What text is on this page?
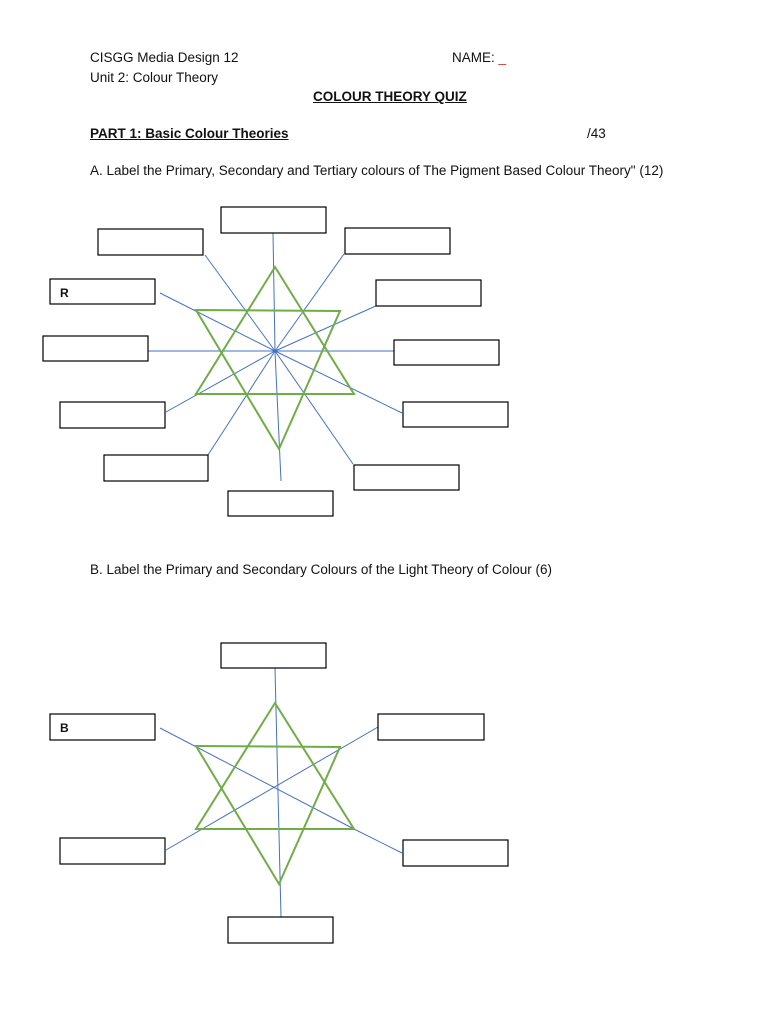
CISGG Media Design 12
Unit 2: Colour Theory
NAME: _
COLOUR THEORY QUIZ
PART 1: Basic Colour Theories	/43
A. Label the Primary, Secondary and Tertiary colours of The Pigment Based Colour Theory" (12)
B. Label the Primary and Secondary Colours of the Light Theory of Colour (6)
R
B
